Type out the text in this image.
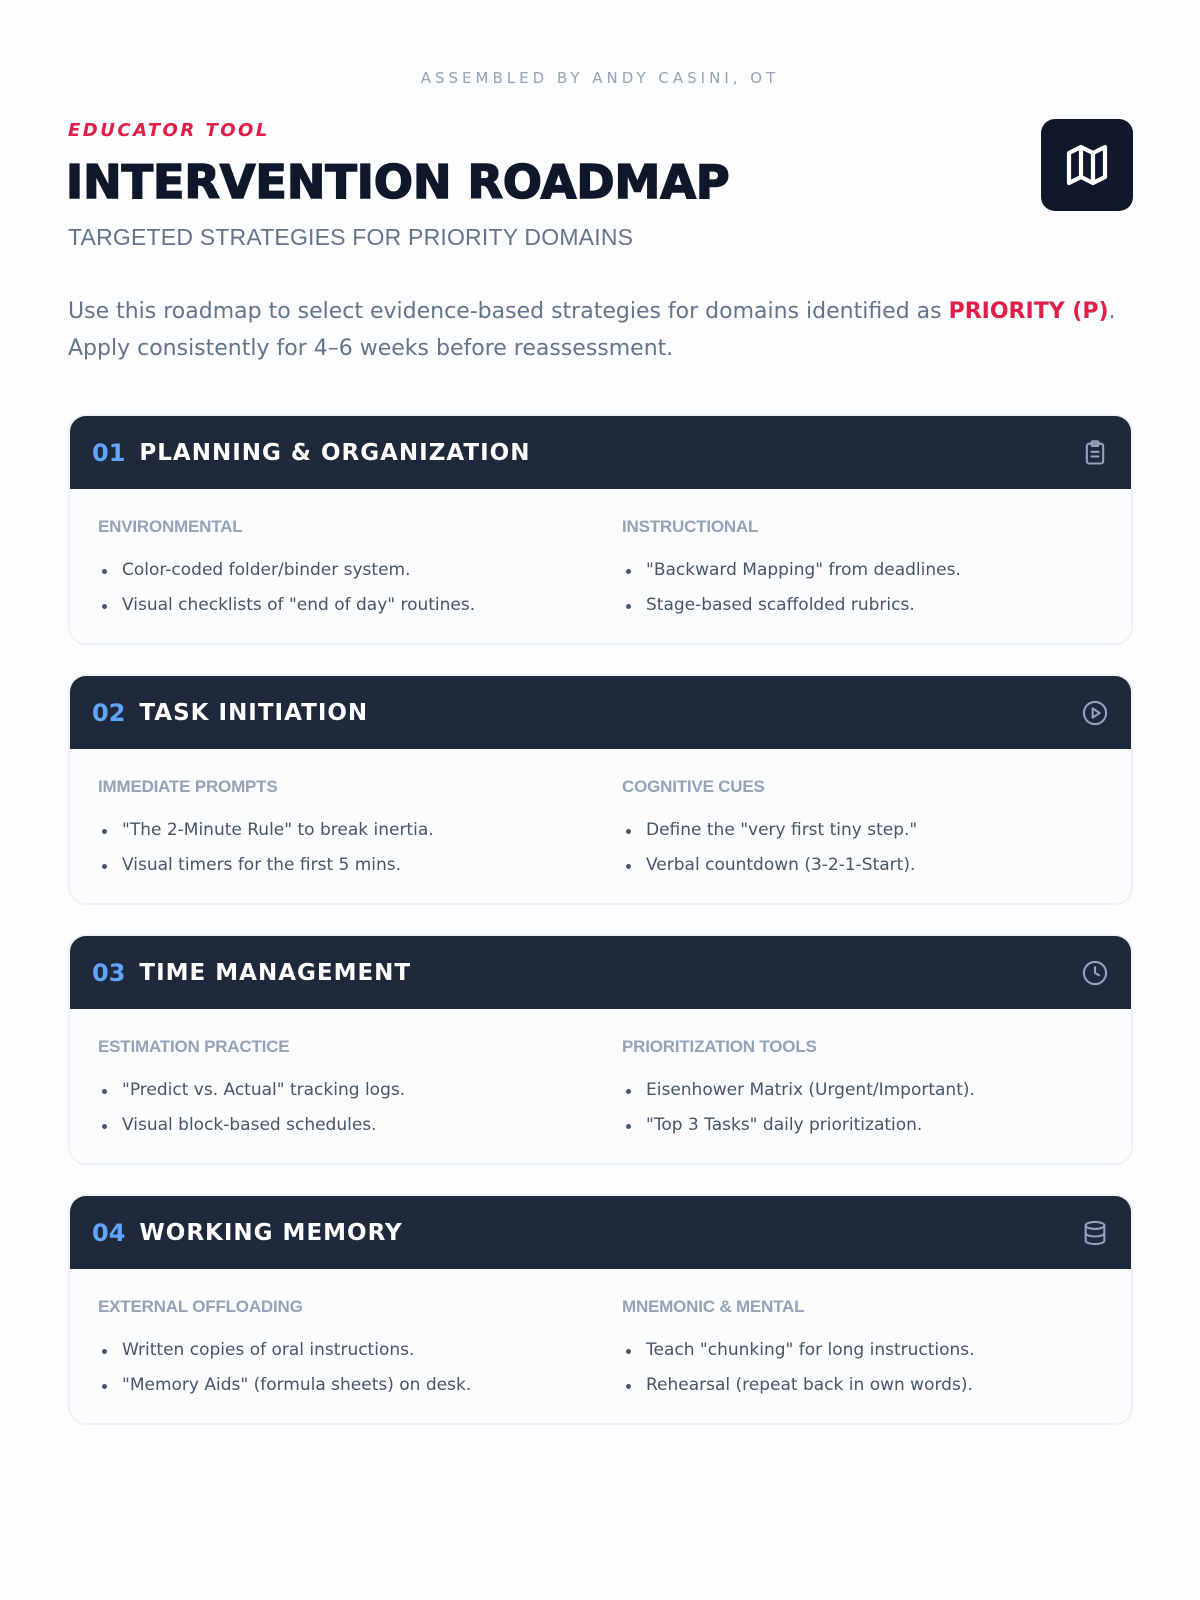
ASSEMBLED BY ANDY CASINI, OT
EDUCATOR TOOL
INTERVENTION ROADMAP
TARGETED STRATEGIES FOR PRIORITY DOMAINS
Use this roadmap to select evidence-based strategies for domains identified as PRIORITY (P). Apply consistently for 4–6 weeks before reassessment.
01 PLANNING & ORGANIZATION
ENVIRONMENTAL
Color-coded folder/binder system.
Visual checklists of "end of day" routines.
INSTRUCTIONAL
"Backward Mapping" from deadlines.
Stage-based scaffolded rubrics.
02 TASK INITIATION
IMMEDIATE PROMPTS
"The 2-Minute Rule" to break inertia.
Visual timers for the first 5 mins.
COGNITIVE CUES
Define the "very first tiny step."
Verbal countdown (3-2-1-Start).
03 TIME MANAGEMENT
ESTIMATION PRACTICE
"Predict vs. Actual" tracking logs.
Visual block-based schedules.
PRIORITIZATION TOOLS
Eisenhower Matrix (Urgent/Important).
"Top 3 Tasks" daily prioritization.
04 WORKING MEMORY
EXTERNAL OFFLOADING
Written copies of oral instructions.
"Memory Aids" (formula sheets) on desk.
MNEMONIC & MENTAL
Teach "chunking" for long instructions.
Rehearsal (repeat back in own words).
